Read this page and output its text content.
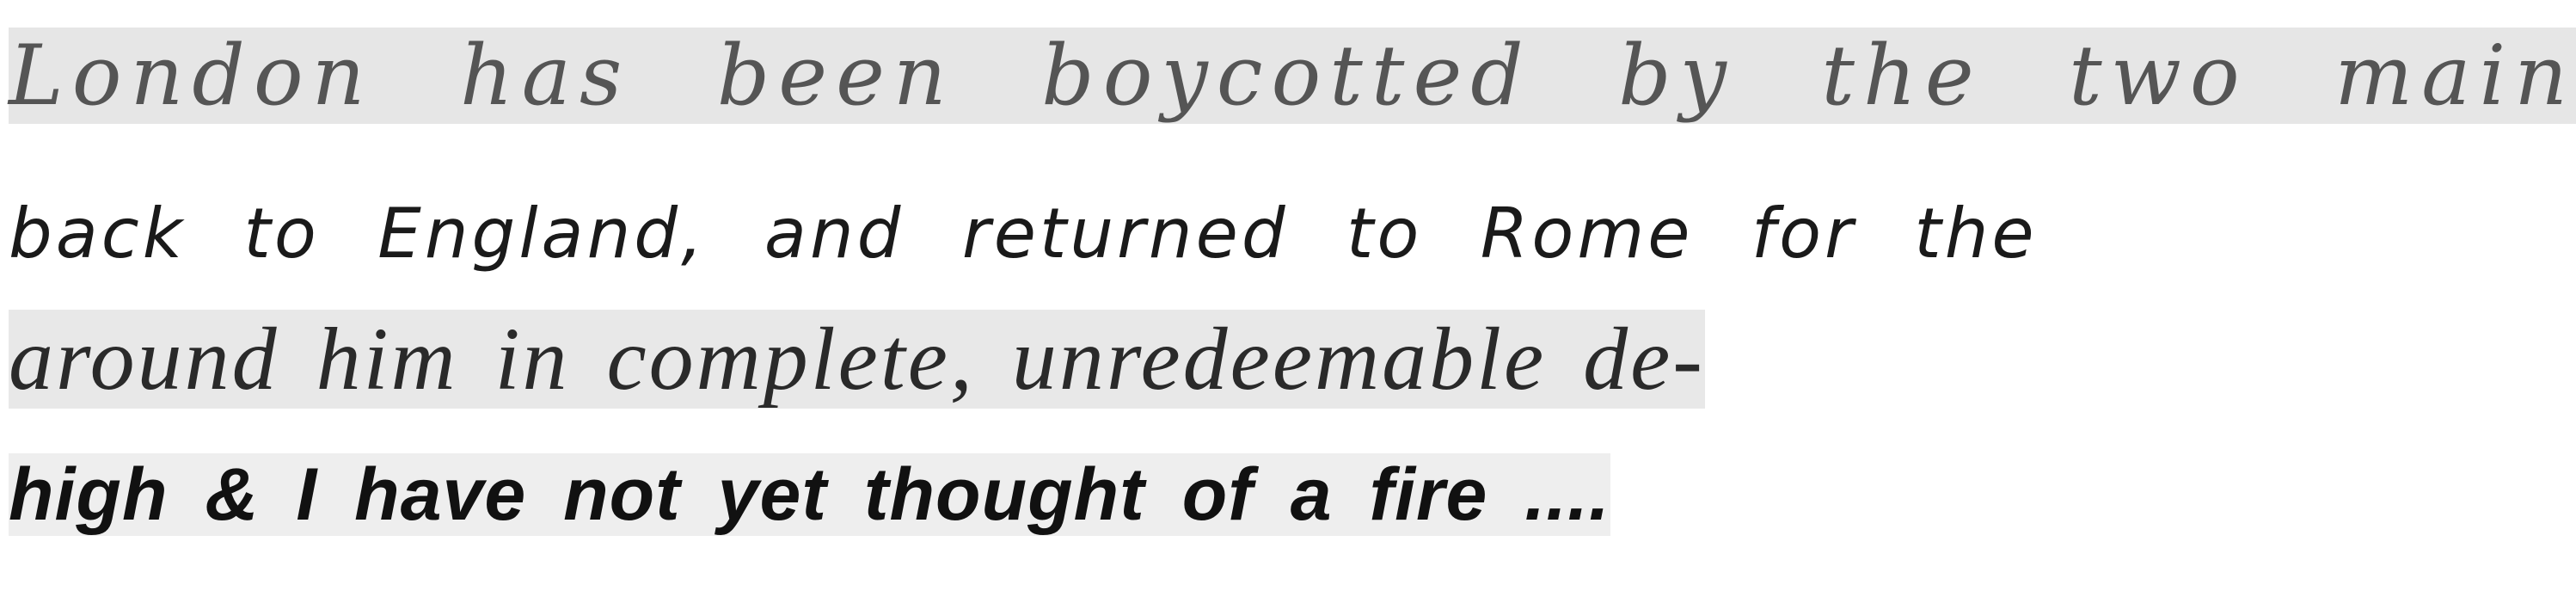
London has been boycotted by the two main
back to England, and returned to Rome for the
around him in complete, unredeemable de-
high & I have not yet thought of a fire ....
